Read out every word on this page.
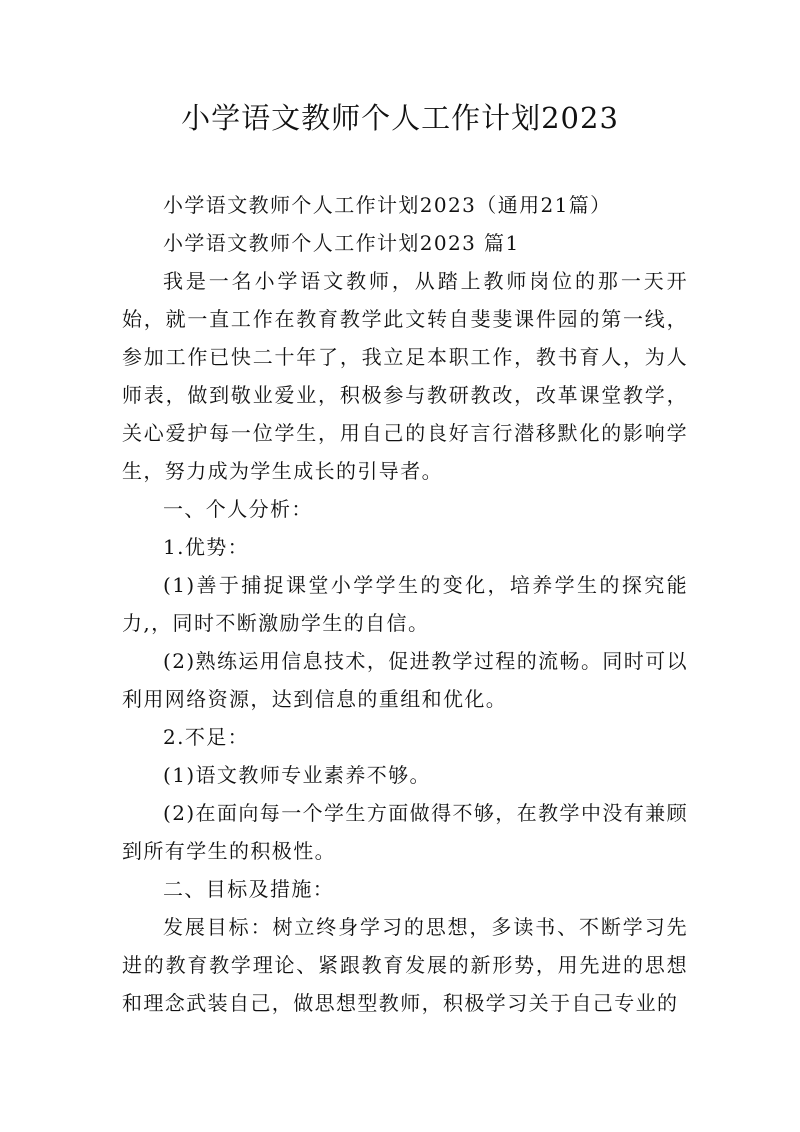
小学语文教师个人工作计划2023

小学语文教师个人工作计划2023（通用21篇）

小学语文教师个人工作计划2023 篇1

我是一名小学语文教师，从踏上教师岗位的那一天开始，就一直工作在教育教学此文转自斐斐课件园的第一线，参加工作已快二十年了，我立足本职工作，教书育人，为人师表，做到敬业爱业，积极参与教研教改，改革课堂教学，关心爱护每一位学生，用自己的良好言行潜移默化的影响学生，努力成为学生成长的引导者。

一、个人分析：

1.优势：

(1)善于捕捉课堂小学学生的变化，培养学生的探究能力,，同时不断激励学生的自信。

(2)熟练运用信息技术，促进教学过程的流畅。同时可以利用网络资源，达到信息的重组和优化。

2.不足：

(1)语文教师专业素养不够。

(2)在面向每一个学生方面做得不够，在教学中没有兼顾到所有学生的积极性。

二、目标及措施：

发展目标：树立终身学习的思想，多读书、不断学习先进的教育教学理论、紧跟教育发展的新形势，用先进的思想和理念武装自己，做思想型教师，积极学习关于自己专业的
